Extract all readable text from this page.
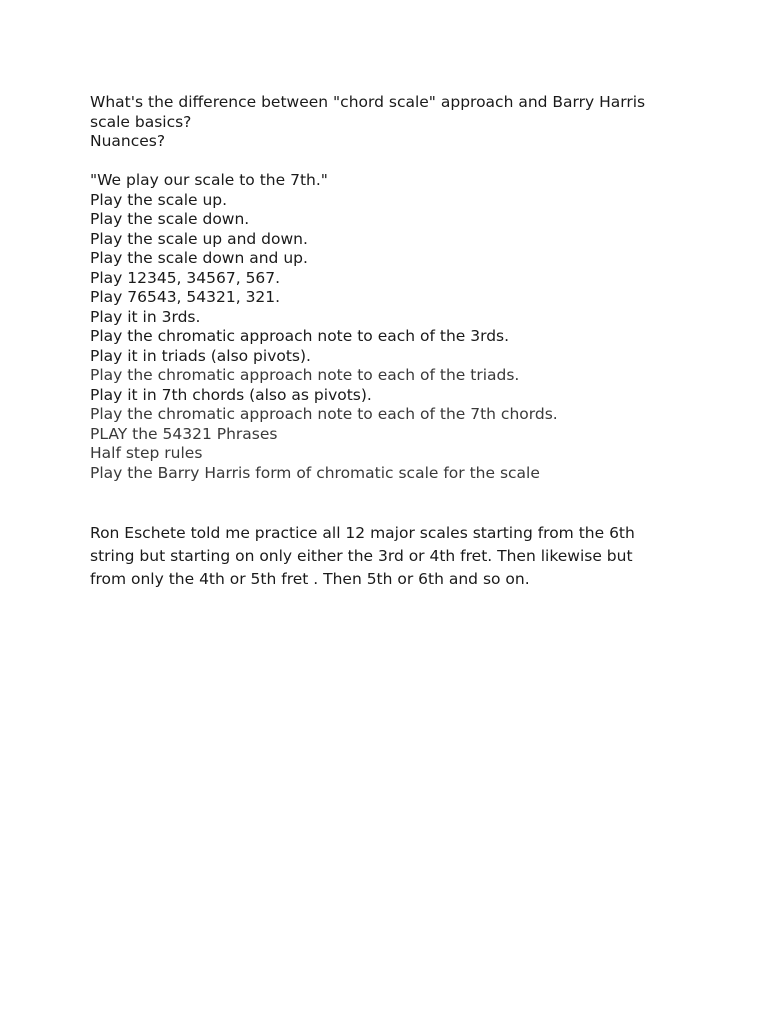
What's the difference between "chord scale" approach and Barry Harris
scale basics?
Nuances?
"We play our scale to the 7th."
Play the scale up.
Play the scale down.
Play the scale up and down.
Play the scale down and up.
Play 12345, 34567, 567.
Play 76543, 54321, 321.
Play it in 3rds.
Play the chromatic approach note to each of the 3rds.
Play it in triads (also pivots).
Play the chromatic approach note to each of the triads.
Play it in 7th chords (also as pivots).
Play the chromatic approach note to each of the 7th chords.
PLAY the 54321 Phrases
Half step rules
Play the Barry Harris form of chromatic scale for the scale
Ron Eschete told me practice all 12 major scales starting from the 6th
string but starting on only either the 3rd or 4th fret. Then likewise but
from only the 4th or 5th fret . Then 5th or 6th and so on.
